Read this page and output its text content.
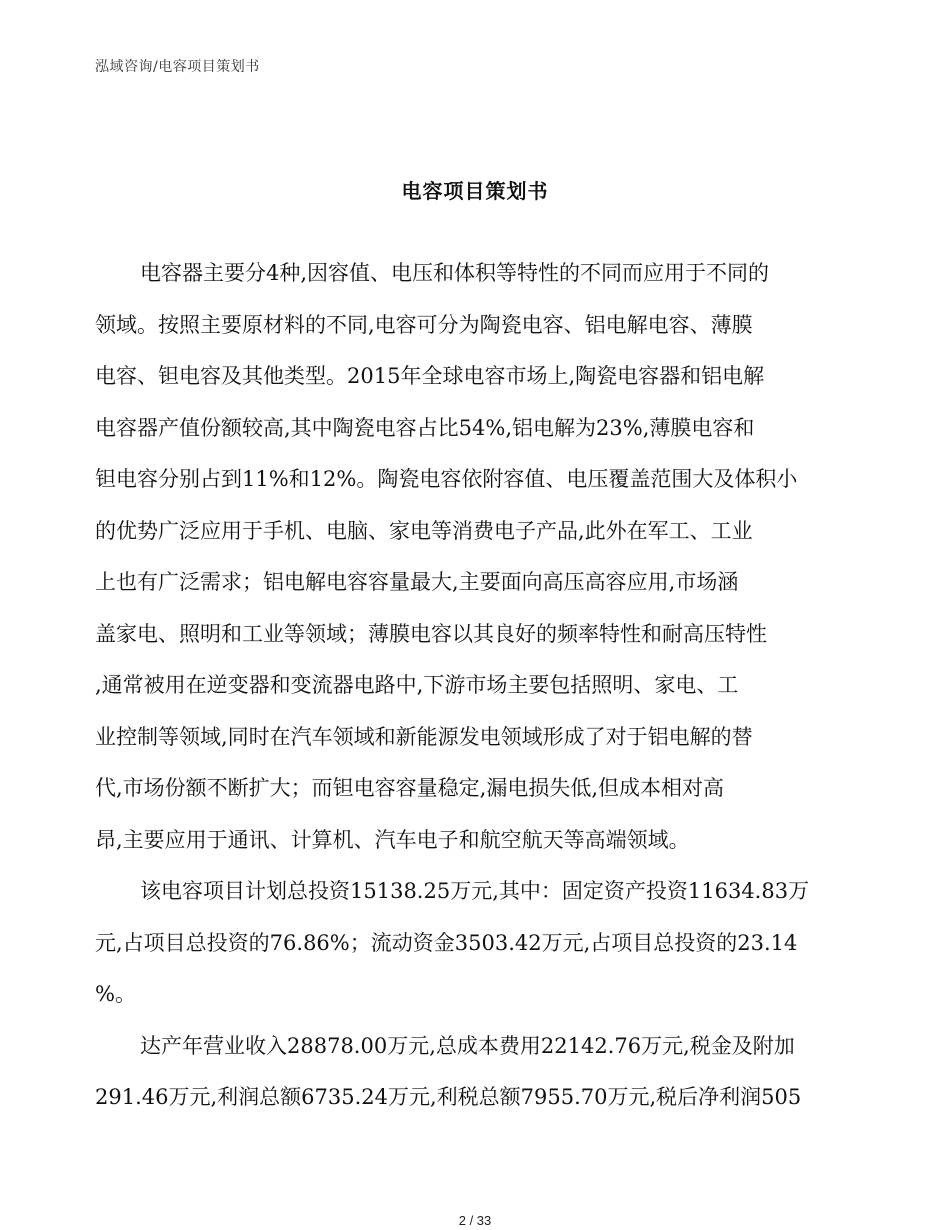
泓域咨询/电容项目策划书
电容项目策划书
电容器主要分4种,因容值、电压和体积等特性的不同而应用于不同的
领域。按照主要原材料的不同,电容可分为陶瓷电容、铝电解电容、薄膜
电容、钽电容及其他类型。2015年全球电容市场上,陶瓷电容器和铝电解
电容器产值份额较高,其中陶瓷电容占比54%,铝电解为23%,薄膜电容和
钽电容分别占到11%和12%。陶瓷电容依附容值、电压覆盖范围大及体积小
的优势广泛应用于手机、电脑、家电等消费电子产品,此外在军工、工业
上也有广泛需求；铝电解电容容量最大,主要面向高压高容应用,市场涵
盖家电、照明和工业等领域；薄膜电容以其良好的频率特性和耐高压特性
,通常被用在逆变器和变流器电路中,下游市场主要包括照明、家电、工
业控制等领域,同时在汽车领域和新能源发电领域形成了对于铝电解的替
代,市场份额不断扩大；而钽电容容量稳定,漏电损失低,但成本相对高
昂,主要应用于通讯、计算机、汽车电子和航空航天等高端领域。
该电容项目计划总投资15138.25万元,其中：固定资产投资11634.83万
元,占项目总投资的76.86%；流动资金3503.42万元,占项目总投资的23.14
%。
达产年营业收入28878.00万元,总成本费用22142.76万元,税金及附加
291.46万元,利润总额6735.24万元,利税总额7955.70万元,税后净利润505
2 / 33
